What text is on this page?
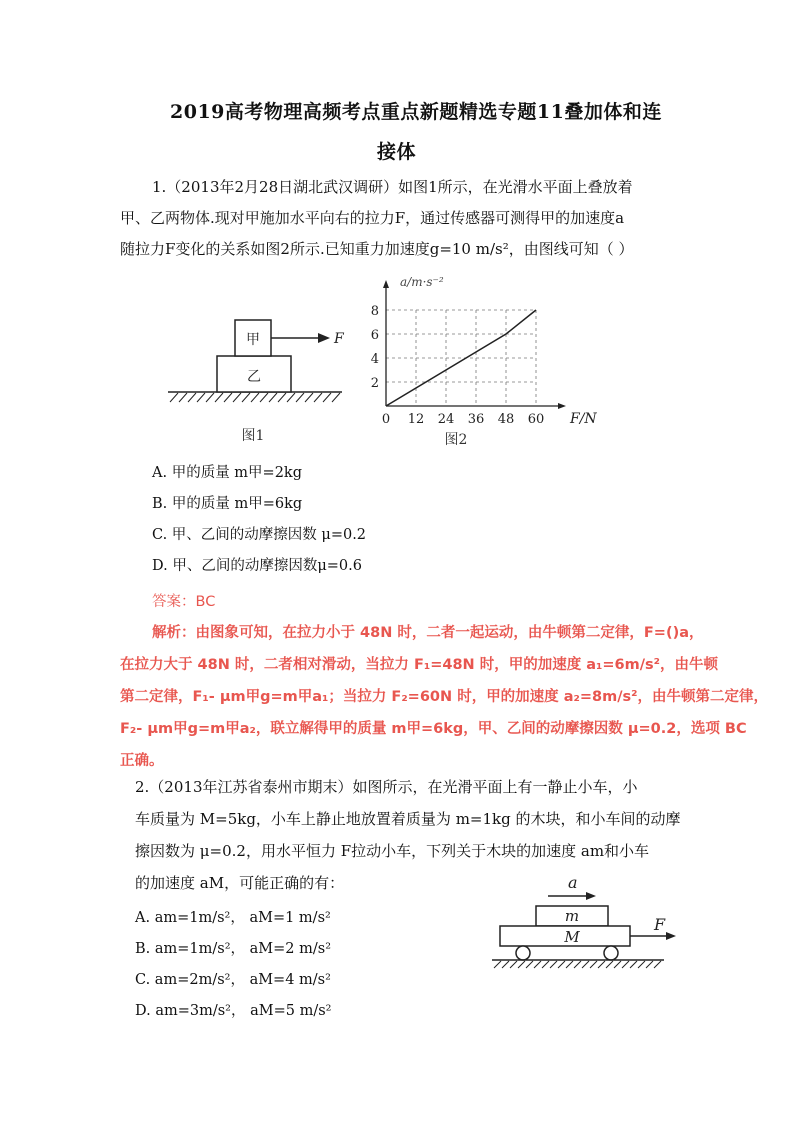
2019高考物理高频考点重点新题精选专题11叠加体和连
接体
1.（2013年2月28日湖北武汉调研）如图1所示，在光滑水平面上叠放着
甲、乙两物体.现对甲施加水平向右的拉力F，通过传感器可测得甲的加速度a
随拉力F变化的关系如图2所示.已知重力加速度g=10 m/s²，由图线可知（ ）
甲
乙
F
图1
0 12 24 36 48 60
2
4
6
8
a/m·s⁻²
F/N
图2
A. 甲的质量 m甲=2kg
B. 甲的质量 m甲=6kg
C. 甲、乙间的动摩擦因数 μ=0.2
D. 甲、乙间的动摩擦因数μ=0.6
答案：BC
解析：由图象可知，在拉力小于 48N 时，二者一起运动，由牛顿第二定律，F=()a，
在拉力大于 48N 时，二者相对滑动，当拉力 F₁=48N 时，甲的加速度 a₁=6m/s²，由牛顿
第二定律，F₁- μm甲g=m甲a₁；当拉力 F₂=60N 时，甲的加速度 a₂=8m/s²，由牛顿第二定律，
F₂- μm甲g=m甲a₂，联立解得甲的质量 m甲=6kg，甲、乙间的动摩擦因数 μ=0.2，选项 BC
正确。
2.（2013年江苏省泰州市期末）如图所示，在光滑平面上有一静止小车，小
车质量为 M=5kg，小车上静止地放置着质量为 m=1kg 的木块，和小车间的动摩
擦因数为 μ=0.2，用水平恒力 F拉动小车，下列关于木块的加速度 am和小车
的加速度 aM，可能正确的有：
A. am=1m/s²， aM=1 m/s²
B. am=1m/s²， aM=2 m/s²
C. am=2m/s²， aM=4 m/s²
D. am=3m/s²， aM=5 m/s²
a
m
M
F
